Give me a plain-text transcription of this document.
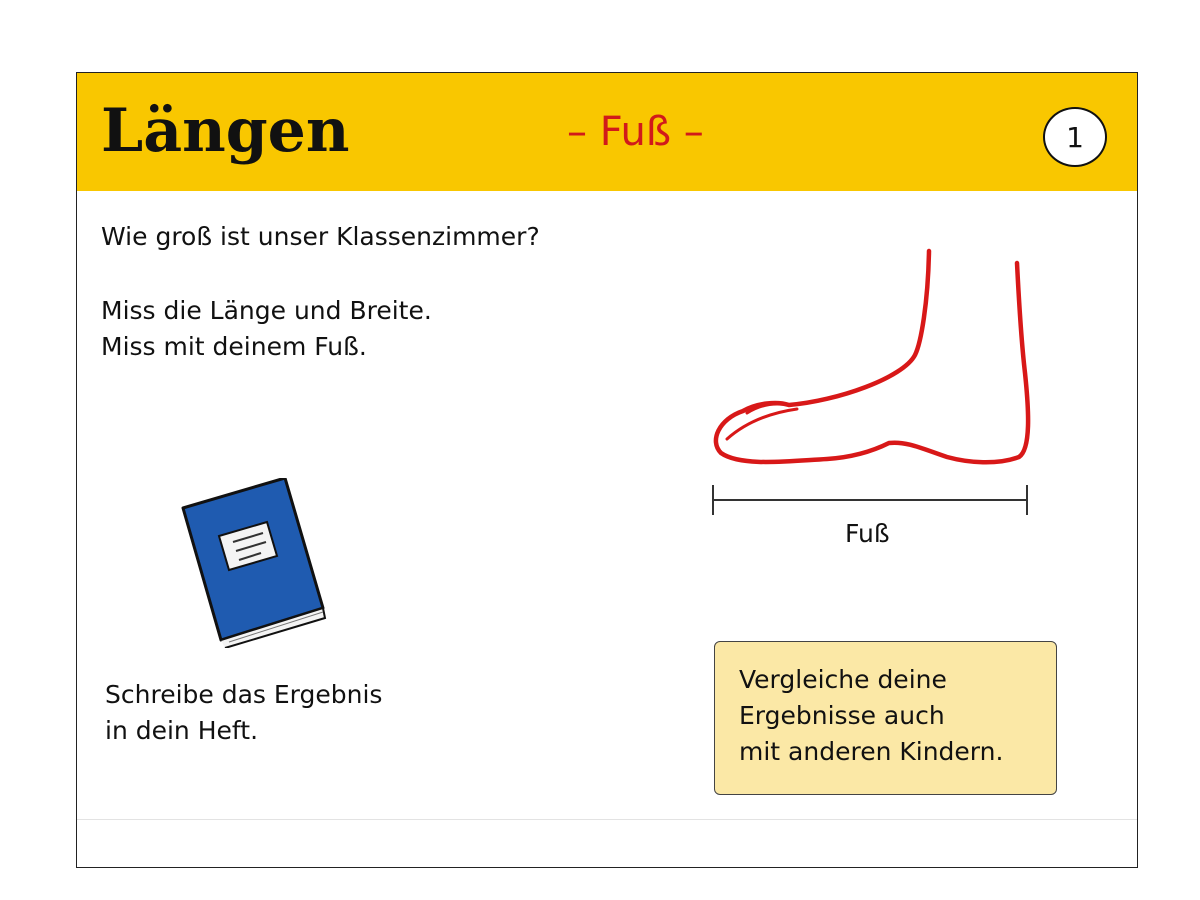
Längen	– Fuß –	1
Wie groß ist unser Klassenzimmer?
Miss die Länge und Breite.
Miss mit deinem Fuß.
Schreibe das Ergebnis
in dein Heft.
Fuß
Vergleiche deine
Ergebnisse auch
mit anderen Kindern.
